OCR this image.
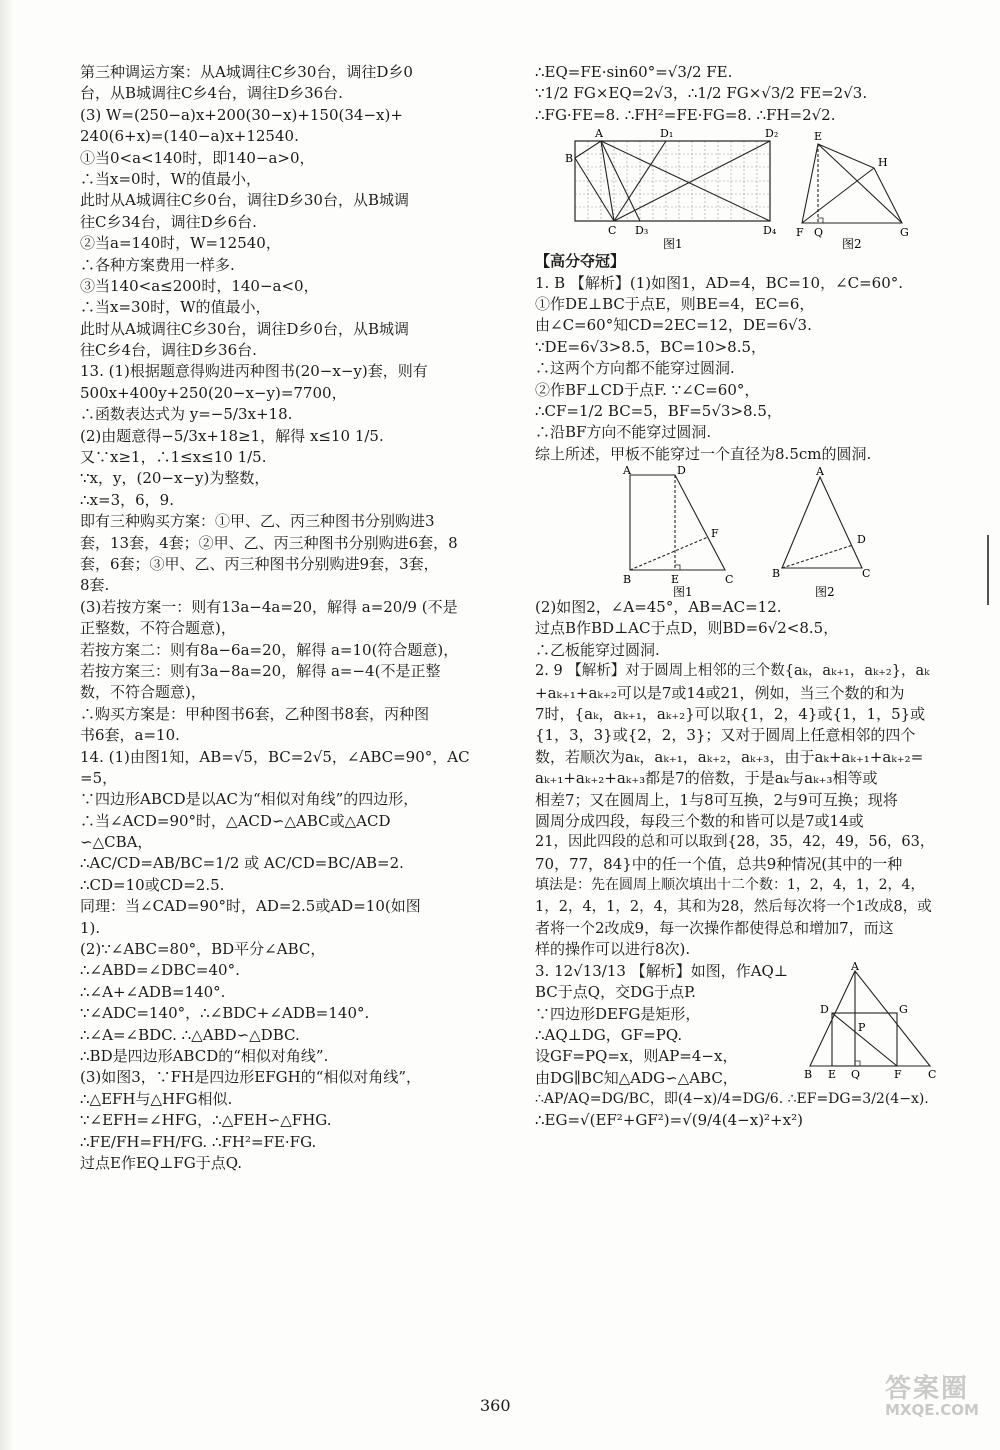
第三种调运方案：从A城调往C乡30台，调往D乡0
台，从B城调往C乡4台，调往D乡36台.
(3) W=(250−a)x+200(30−x)+150(34−x)+
240(6+x)=(140−a)x+12540.
①当0<a<140时，即140−a>0，
∴当x=0时，W的值最小，
此时从A城调往C乡0台，调往D乡30台，从B城调
往C乡34台，调往D乡6台.
②当a=140时，W=12540，
∴各种方案费用一样多.
③当140<a≤200时，140−a<0，
∴当x=30时，W的值最小，
此时从A城调往C乡30台，调往D乡0台，从B城调
往C乡4台，调往D乡36台.
13. (1)根据题意得购进丙种图书(20−x−y)套，则有
500x+400y+250(20−x−y)=7700，
∴函数表达式为 y=−5/3x+18.
(2)由题意得−5/3x+18≥1，解得 x≤10 1/5.
又∵x≥1，∴1≤x≤10 1/5.
∵x，y，(20−x−y)为整数，
∴x=3，6，9.
即有三种购买方案：①甲、乙、丙三种图书分别购进3
套，13套，4套；②甲、乙、丙三种图书分别购进6套，8
套，6套；③甲、乙、丙三种图书分别购进9套，3套，
8套.
(3)若按方案一：则有13a−4a=20，解得 a=20/9 (不是
正整数，不符合题意)，
若按方案二：则有8a−6a=20，解得 a=10(符合题意)，
若按方案三：则有3a−8a=20，解得 a=−4(不是正整
数，不符合题意)，
∴购买方案是：甲种图书6套，乙种图书8套，丙种图
书6套，a=10.
14. (1)由图1知，AB=√5，BC=2√5，∠ABC=90°，AC
=5，
∵四边形ABCD是以AC为“相似对角线”的四边形，
∴当∠ACD=90°时，△ACD∽△ABC或△ACD
∽△CBA，
∴AC/CD=AB/BC=1/2 或 AC/CD=BC/AB=2.
∴CD=10或CD=2.5.
同理：当∠CAD=90°时，AD=2.5或AD=10(如图
1).
(2)∵∠ABC=80°，BD平分∠ABC，
∴∠ABD=∠DBC=40°.
∴∠A+∠ADB=140°.
∵∠ADC=140°，∴∠BDC+∠ADB=140°.
∴∠A=∠BDC. ∴△ABD∽△DBC.
∴BD是四边形ABCD的“相似对角线”.
(3)如图3，∵FH是四边形EFGH的“相似对角线”，
∴△EFH与△HFG相似.
∵∠EFH=∠HFG，∴△FEH∽△FHG.
∴FE/FH=FH/FG. ∴FH²=FE·FG.
过点E作EQ⊥FG于点Q.
∴EQ=FE·sin60°=√3/2 FE.
∵1/2 FG×EQ=2√3，∴1/2 FG×√3/2 FE=2√3.
∴FG·FE=8. ∴FH²=FE·FG=8. ∴FH=2√2.
A	D₁	D₂
B
C D₃	D₄
图1
E
H
F Q	G
图2
【高分夺冠】
1. B 【解析】(1)如图1，AD=4，BC=10，∠C=60°.
①作DE⊥BC于点E，则BE=4，EC=6，
由∠C=60°知CD=2EC=12，DE=6√3.
∵DE=6√3>8.5，BC=10>8.5，
∴这两个方向都不能穿过圆洞.
②作BF⊥CD于点F. ∵∠C=60°，
∴CF=1/2 BC=5，BF=5√3>8.5，
∴沿BF方向不能穿过圆洞.
综上所述，甲板不能穿过一个直径为8.5cm的圆洞.
A	D
F
B	E	C
图1
A
D
B	C
图2
(2)如图2，∠A=45°，AB=AC=12.
过点B作BD⊥AC于点D，则BD=6√2<8.5，
∴乙板能穿过圆洞.
2. 9 【解析】对于圆周上相邻的三个数{aₖ，aₖ₊₁，aₖ₊₂}，aₖ
+aₖ₊₁+aₖ₊₂可以是7或14或21，例如，当三个数的和为
7时，{aₖ，aₖ₊₁，aₖ₊₂}可以取{1，2，4}或{1，1，5}或
{1，3，3}或{2，2，3}；又对于圆周上任意相邻的四个
数，若顺次为aₖ，aₖ₊₁，aₖ₊₂，aₖ₊₃，由于aₖ+aₖ₊₁+aₖ₊₂=
aₖ₊₁+aₖ₊₂+aₖ₊₃都是7的倍数，于是aₖ与aₖ₊₃相等或
相差7；又在圆周上，1与8可互换，2与9可互换；现将
圆周分成四段，每段三个数的和皆可以是7或14或
21，因此四段的总和可以取到{28，35，42，49，56，63，
70，77，84}中的任一个值，总共9种情况(其中的一种
填法是：先在圆周上顺次填出十二个数：1，2，4，1，2，4，
1，2，4，1，2，4，其和为28，然后每次将一个1改成8，或
者将一个2改成9，每一次操作都使得总和增加7，而这
样的操作可以进行8次).
3. 12√13/13 【解析】如图，作AQ⊥
BC于点Q，交DG于点P.
∵四边形DEFG是矩形，
∴AQ⊥DG，GF=PQ.
设GF=PQ=x，则AP=4−x，
由DG∥BC知△ADG∽△ABC，
∴AP/AQ=DG/BC，即(4−x)/4=DG/6. ∴EF=DG=3/2(4−x).
∴EG=√(EF²+GF²)=√(9/4(4−x)²+x²)
A
D	G
P
B E Q	F C
360
答案圈
MXQE.COM
